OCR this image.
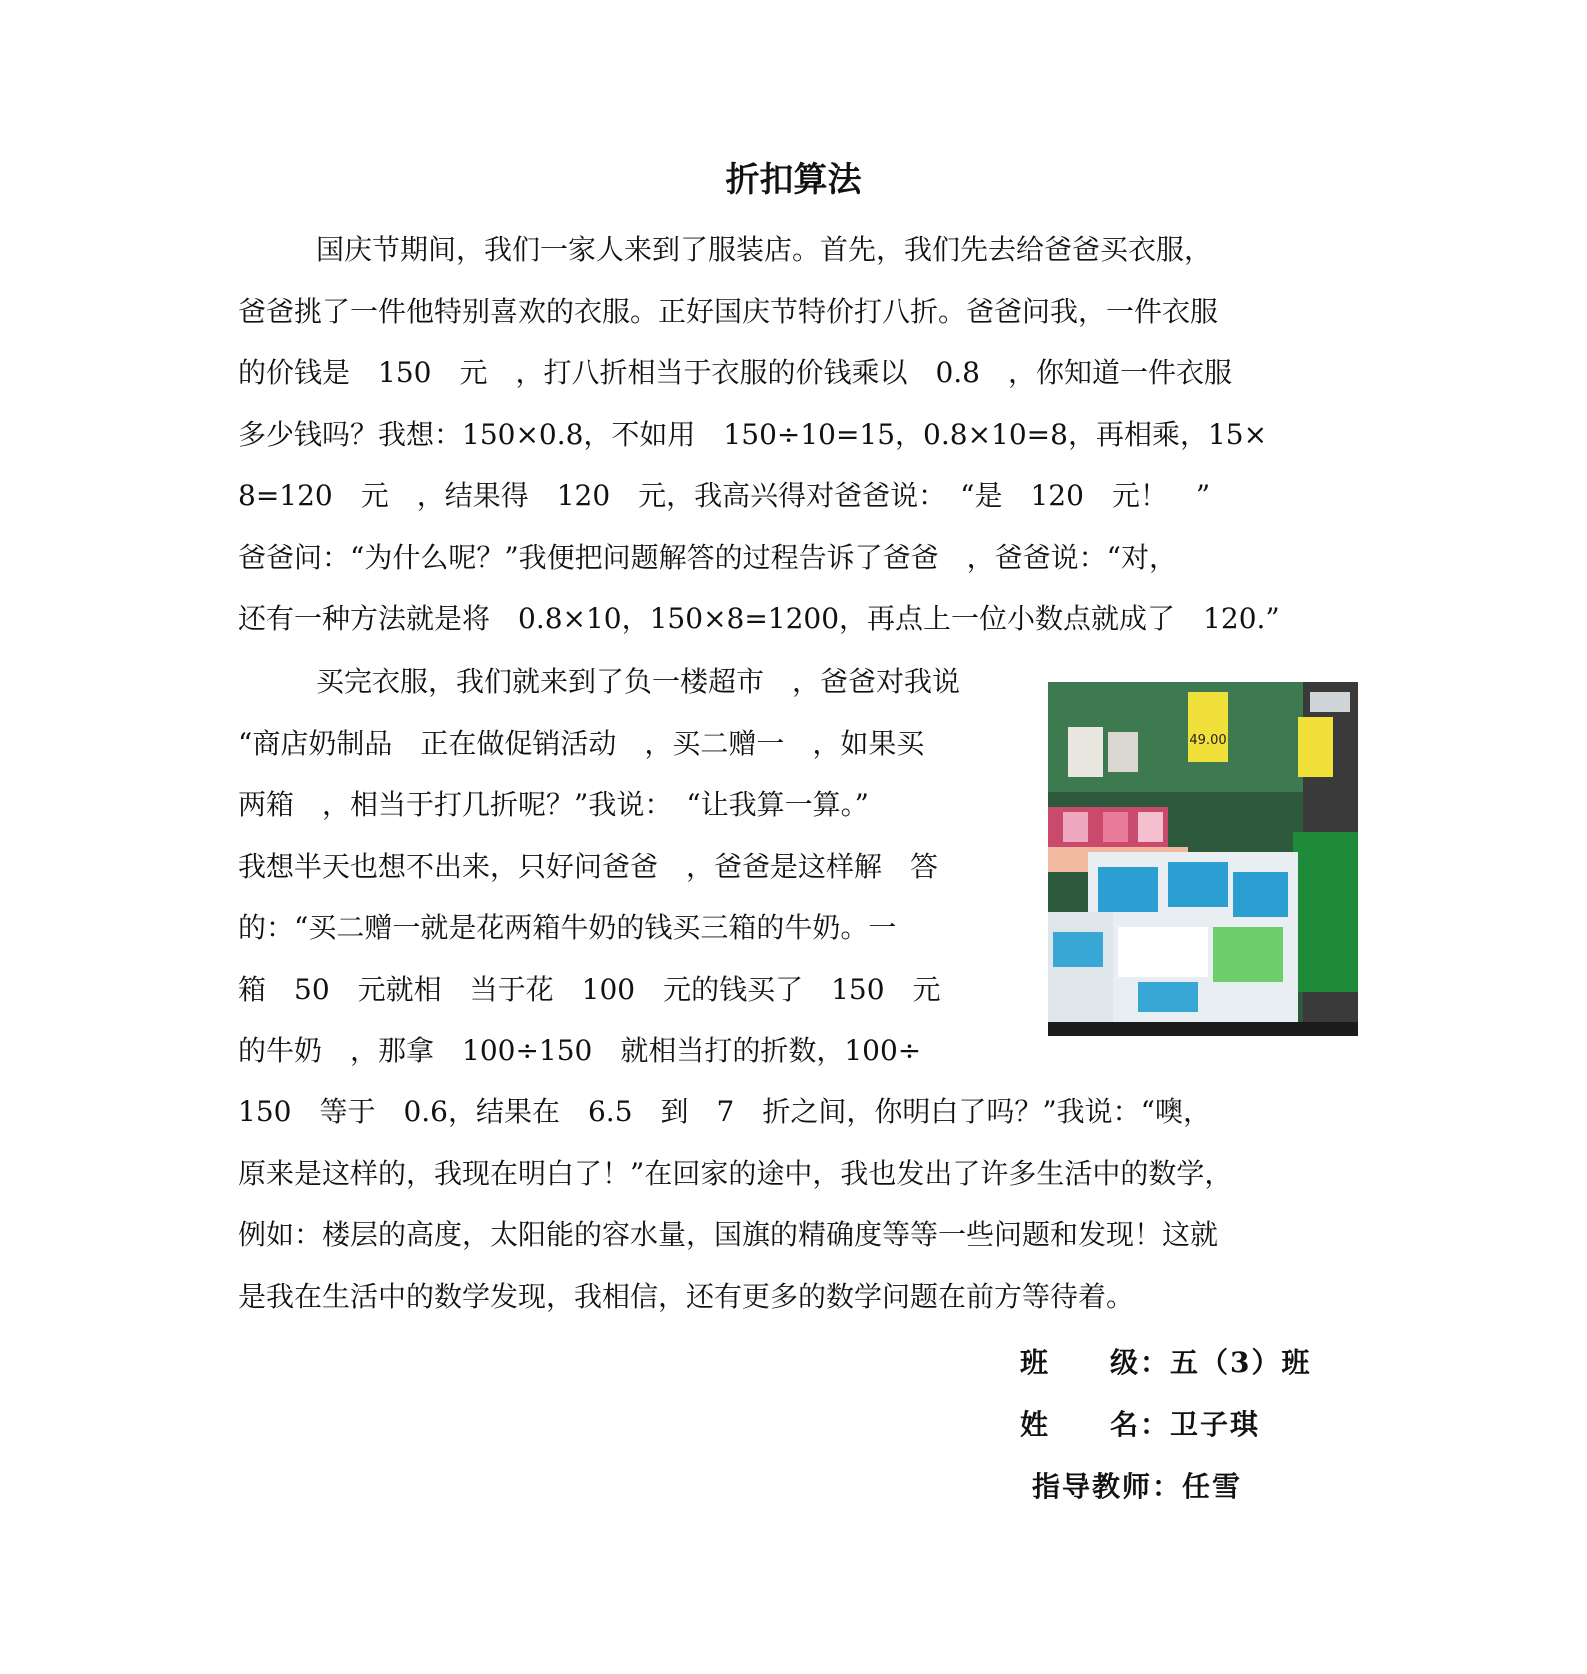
折扣算法
国庆节期间，我们一家人来到了服装店。首先，我们先去给爸爸买衣服，
爸爸挑了一件他特别喜欢的衣服。正好国庆节特价打八折。爸爸问我，一件衣服
的价钱是　150　元　，打八折相当于衣服的价钱乘以　0.8　，你知道一件衣服
多少钱吗？我想：150×0.8，不如用　150÷10=15，0.8×10=8，再相乘，15×
8=120　元　，结果得　120　元，我高兴得对爸爸说：　“是　120　元！　”
爸爸问：“为什么呢？”我便把问题解答的过程告诉了爸爸　，爸爸说：“对，
还有一种方法就是将　0.8×10，150×8=1200，再点上一位小数点就成了　120.”
买完衣服，我们就来到了负一楼超市　，爸爸对我说
“商店奶制品　正在做促销活动　，买二赠一　，如果买
两箱　，相当于打几折呢？”我说：　“让我算一算。”
我想半天也想不出来，只好问爸爸　，爸爸是这样解　答
的：“买二赠一就是花两箱牛奶的钱买三箱的牛奶。一
箱　50　元就相　当于花　100　元的钱买了　150　元
的牛奶　，那拿　100÷150　就相当打的折数，100÷
49.00
150　等于　0.6，结果在　6.5　到　7　折之间，你明白了吗？”我说：“噢，
原来是这样的，我现在明白了！”在回家的途中，我也发出了许多生活中的数学，
例如：楼层的高度，太阳能的容水量，国旗的精确度等等一些问题和发现！这就
是我在生活中的数学发现，我相信，还有更多的数学问题在前方等待着。

班　　级：五（3）班

姓　　名：卫子琪

指导教师：任雪
